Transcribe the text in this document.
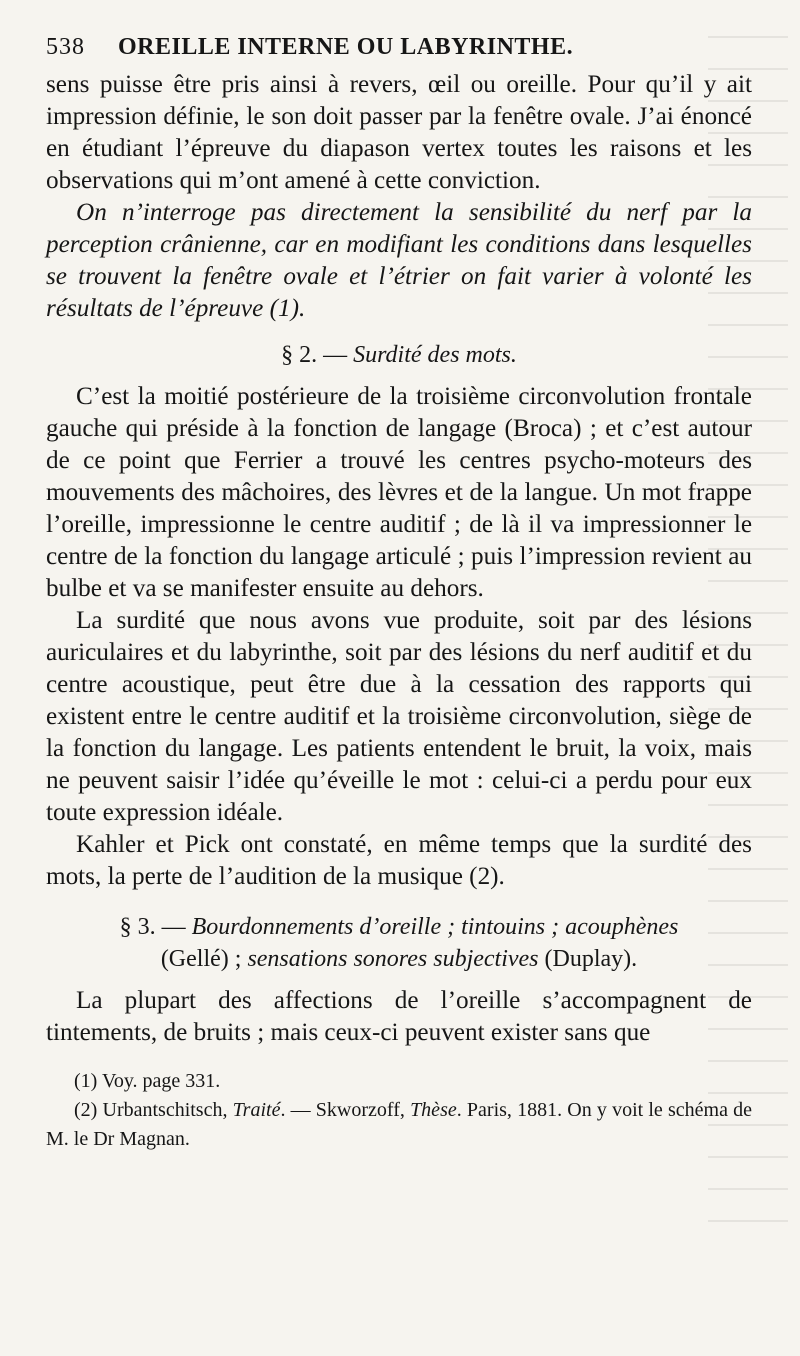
538	OREILLE INTERNE OU LABYRINTHE.

sens puisse être pris ainsi à revers, œil ou oreille. Pour qu’il y ait impression définie, le son doit passer par la fenêtre ovale. J’ai énoncé en étudiant l’épreuve du diapason vertex toutes les raisons et les observations qui m’ont amené à cette conviction.

On n’interroge pas directement la sensibilité du nerf par la perception crânienne, car en modifiant les conditions dans lesquelles se trouvent la fenêtre ovale et l’étrier on fait varier à volonté les résultats de l’épreuve (1).

§ 2. — Surdité des mots.

C’est la moitié postérieure de la troisième circonvolution frontale gauche qui préside à la fonction de langage (Broca) ; et c’est autour de ce point que Ferrier a trouvé les centres psycho-moteurs des mouvements des mâchoires, des lèvres et de la langue. Un mot frappe l’oreille, impressionne le centre auditif ; de là il va impressionner le centre de la fonction du langage articulé ; puis l’impression revient au bulbe et va se manifester ensuite au dehors.

La surdité que nous avons vue produite, soit par des lésions auriculaires et du labyrinthe, soit par des lésions du nerf auditif et du centre acoustique, peut être due à la cessation des rapports qui existent entre le centre auditif et la troisième circonvolution, siège de la fonction du langage. Les patients entendent le bruit, la voix, mais ne peuvent saisir l’idée qu’éveille le mot : celui-ci a perdu pour eux toute expression idéale.

Kahler et Pick ont constaté, en même temps que la surdité des mots, la perte de l’audition de la musique (2).

§ 3. — Bourdonnements d’oreille ; tintouins ; acouphènes
(Gellé) ; sensations sonores subjectives (Duplay).

La plupart des affections de l’oreille s’accompagnent de tintements, de bruits ; mais ceux-ci peuvent exister sans que

(1) Voy. page 331.

(2) Urbantschitsch, Traité. — Skworzoff, Thèse. Paris, 1881. On y voit le schéma de M. le Dr Magnan.
